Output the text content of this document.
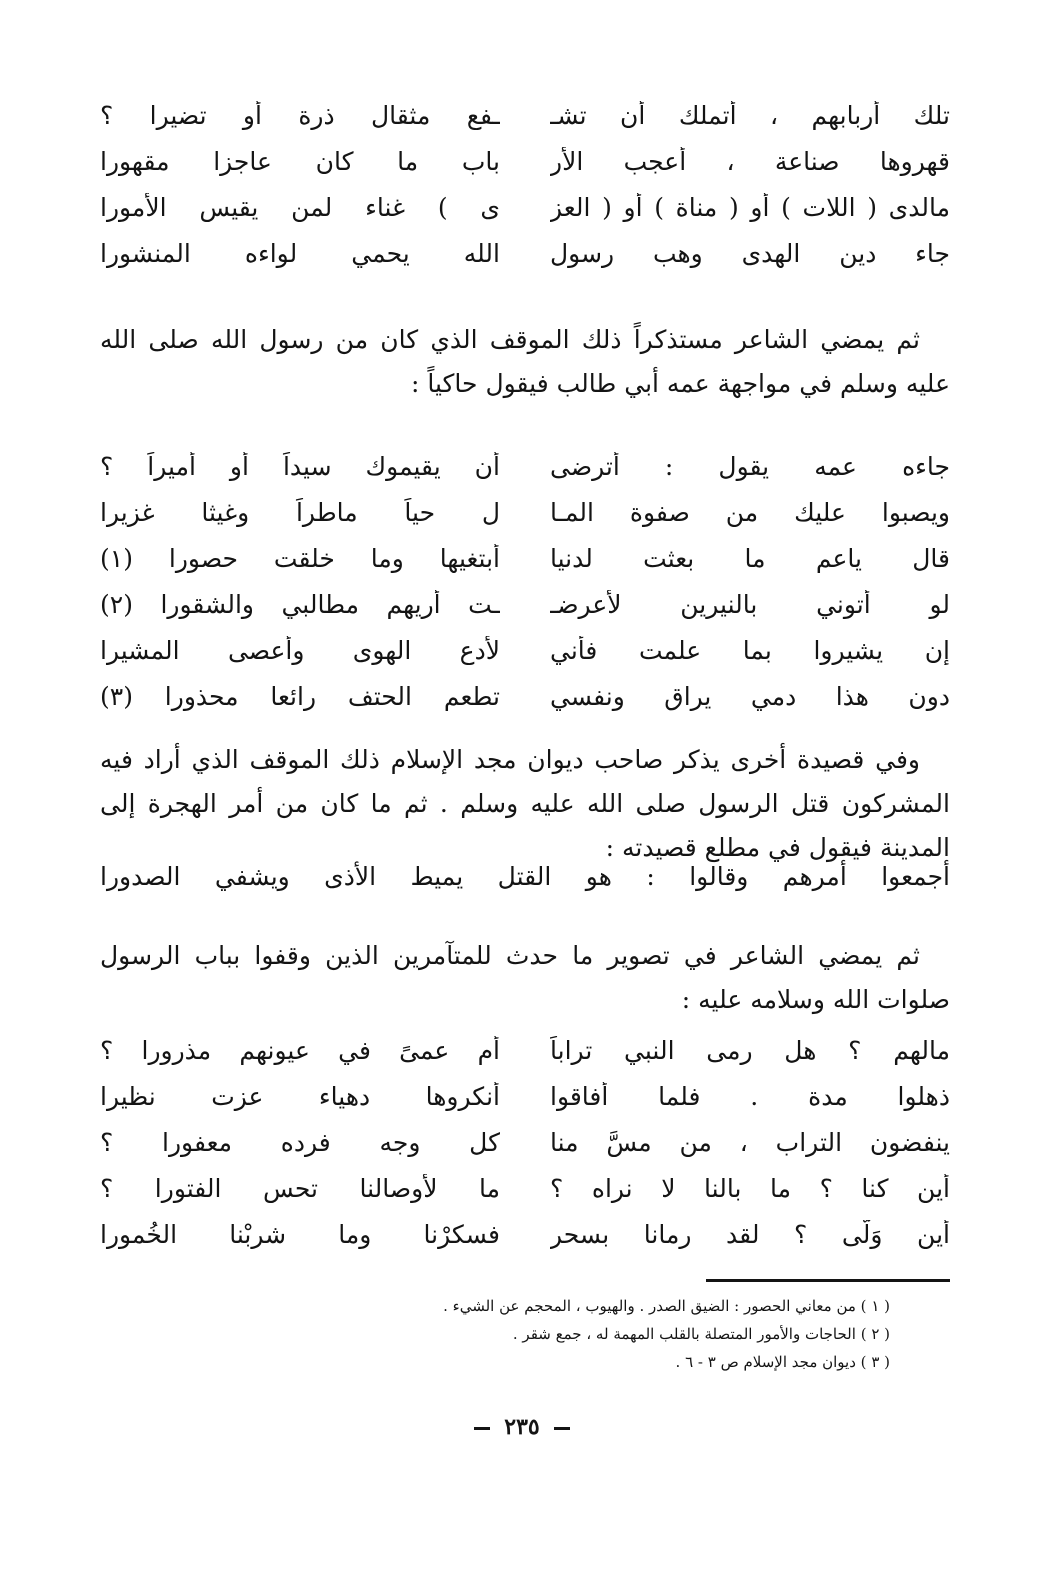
تلك أربابهم ، أتملك أن تشـ
ـفع مثقال ذرة أو تضيرا ؟
قهروها صناعة ، أعجب الأر
باب ما كان عاجزا مقهورا
مالدى ( اللات ) أو ( مناة ) أو ( العز
ى ) غناء لمن يقيس الأمورا
جاء دين الهدى وهب رسول
الله يحمي لواءه المنشورا

ثم يمضي الشاعر مستذكراً ذلك الموقف الذي كان من رسول الله صلى الله عليه وسلم في مواجهة عمه أبي طالب فيقول حاكياً :

جاءه عمه يقول : أترضى
أن يقيموك سيداً أو أميراً ؟
ويصبوا عليك من صفوة المـا
ل حياً ماطراً وغيثا غزيرا
قال ياعم ما بعثت لدنيا
أبتغيها وما خلقت حصورا (١)
لو أتوني بالنيرين لأعرضـ
ـت أريهم مطالبي والشقورا (٢)
إن يشيروا بما علمت فأني
لأدع الهوى وأعصى المشيرا
دون هذا دمي يراق ونفسي
تطعم الحتف رائعا محذورا (٣)

وفي قصيدة أخرى يذكر صاحب ديوان مجد الإسلام ذلك الموقف الذي أراد فيه المشركون قتل الرسول صلى الله عليه وسلم . ثم ما كان من أمر الهجرة إلى المدينة فيقول في مطلع قصيدته :

أجمعوا أمرهم وقالوا : هو القتل يميط الأذى ويشفي الصدورا

ثم يمضي الشاعر في تصوير ما حدث للمتآمرين الذين وقفوا بباب الرسول صلوات الله وسلامه عليه :

مالهم ؟ هل رمى النبي تراباً
أم عمىً في عيونهم مذرورا ؟
ذهلوا مدة . فلما أفاقوا
أنكروها دهياء عزت نظيرا
ينفضون التراب ، من مسَّ منا
كل وجه فرده معفورا ؟
أين كنا ؟ ما بالنا لا نراه ؟
ما لأوصالنا تحس الفتورا ؟
أين وَلَّى ؟ لقد رمانا بسحر
فسكرْنا وما شربْنا الخُمورا
( ١ ) من معاني الحصور : الضيق الصدر . والهيوب ، المحجم عن الشيء .
( ٢ ) الحاجات والأمور المتصلة بالقلب المهمة له ، جمع شقر .
( ٣ ) ديوان مجد الإسلام ص ٣ - ٦ .
٢٣٥
